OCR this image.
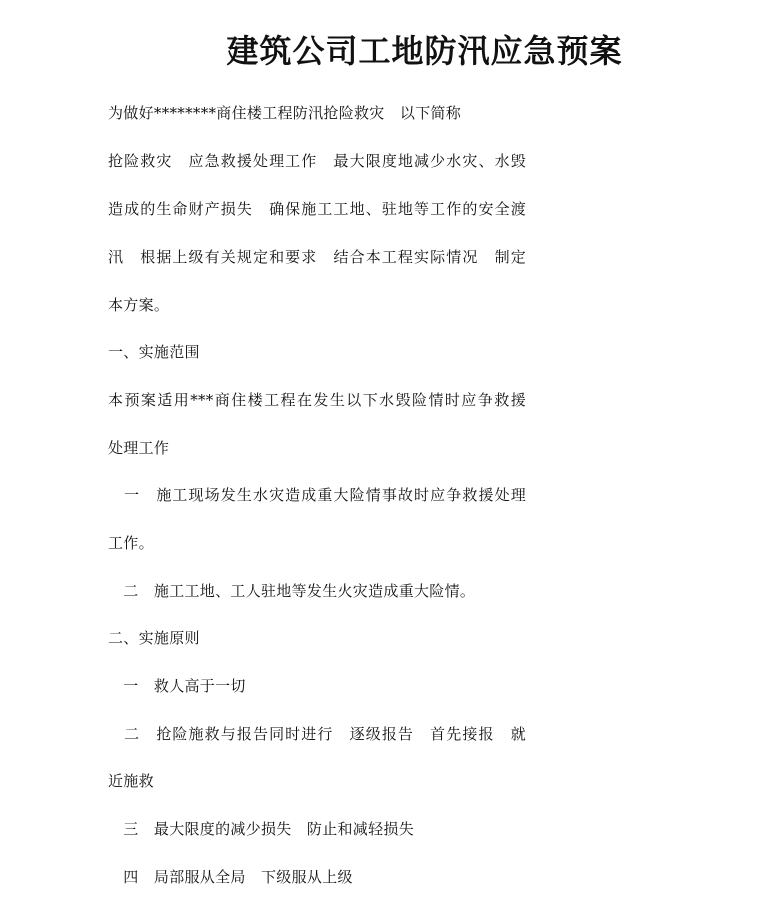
建筑公司工地防汛应急预案
为做好********商住楼工程防汛抢险救灾　以下简称
抢险救灾　应急救援处理工作　最大限度地减少水灾、水毁
造成的生命财产损失　确保施工工地、驻地等工作的安全渡
汛　根据上级有关规定和要求　结合本工程实际情况　制定
本方案。
一、实施范围
本预案适用***商住楼工程在发生以下水毁险情时应争救援
处理工作
　一　施工现场发生水灾造成重大险情事故时应争救援处理
工作。
　二　施工工地、工人驻地等发生火灾造成重大险情。
二、实施原则
　一　救人高于一切
　二　抢险施救与报告同时进行　逐级报告　首先接报　就
近施救
　三　最大限度的减少损失　防止和减轻损失
　四　局部服从全局　下级服从上级
